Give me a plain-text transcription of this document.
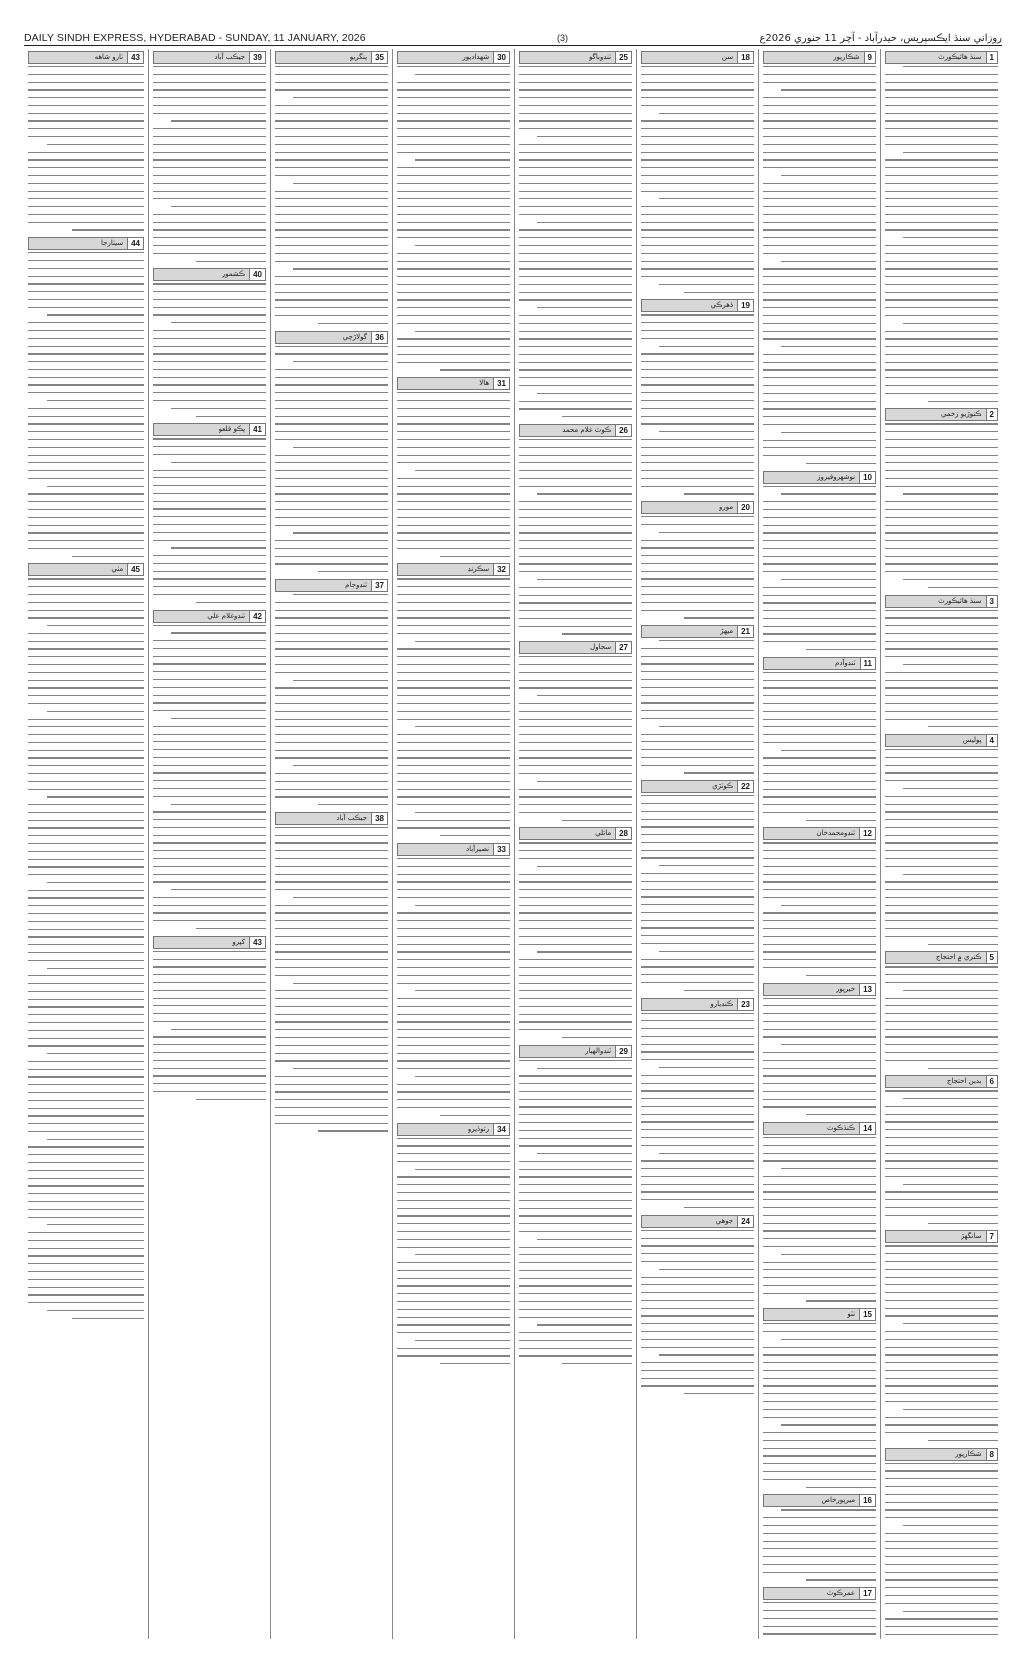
DAILY SINDH EXPRESS, HYDERABAD - SUNDAY, 11 JANUARY, 2026	(3)	روزاني سنڌ ايڪسپريس، حيدرآباد - آچر 11 جنوري 2026ع
1
سنڌ هائيڪورٽ
2
ڪنوڙيو زخمي
3
سنڌ هائيڪورٽ
4
پوليس
5
ڪنري ۾ احتجاج
6
بدين احتجاج
7
سانگهڙ
8
شڪارپور
9
شڪارپور
10
نوشهروفيروز
11
ٽنڊوآدم
12
ٽنڊومحمدخان
13
خيرپور
14
ڪنڌڪوٽ
15
ٺٽو
16
ميرپورخاص
17
عمرڪوٽ
18
سن
19
ڏهرڪي
20
مورو
21
ميهڙ
22
ڪوٽڙي
23
ڪنڊيارو
24
جوهي
25
ٽنڊوباگو
26
ڪوٽ غلام محمد
27
سجاول
28
ماتلي
29
ٽنڊوالهيار
30
شهدادپور
31
هالا
32
سڪرنڊ
33
نصيرآباد
34
رتوڏيرو
35
پنگريو
36
گولاڙچي
37
ٽنڊوجام
38
جيڪب آباد
39
جيڪب آباد
40
ڪشمور
41
پڪو قلعو
42
ٽنڊوغلام علي
43
کپرو
43
ٺارو شاهه
44
سيٺارجا
45
مٺي
